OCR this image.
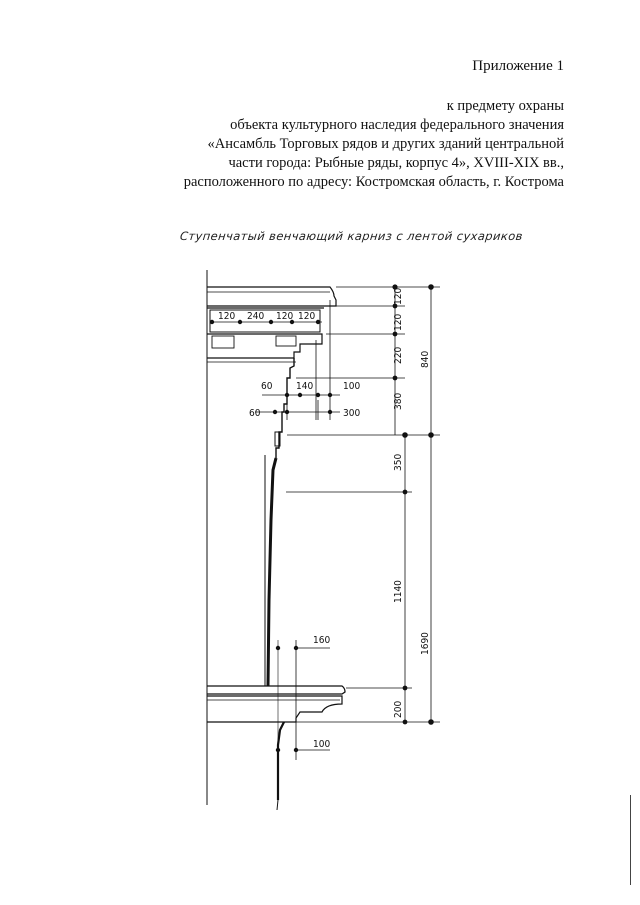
Приложение 1
к предмету охраны
объекта культурного наследия федерального значения
«Ансамбль Торговых рядов и других зданий центральной
части города: Рыбные ряды, корпус 4», XVIII-XIX вв.,
расположенного по адресу: Костромская область, г. Кострома
Ступенчатый венчающий карниз с лентой сухариков
120 240 120 120
60 140	100
60	300
160
100
120
120
220
380
840
350
1140
200
1690
